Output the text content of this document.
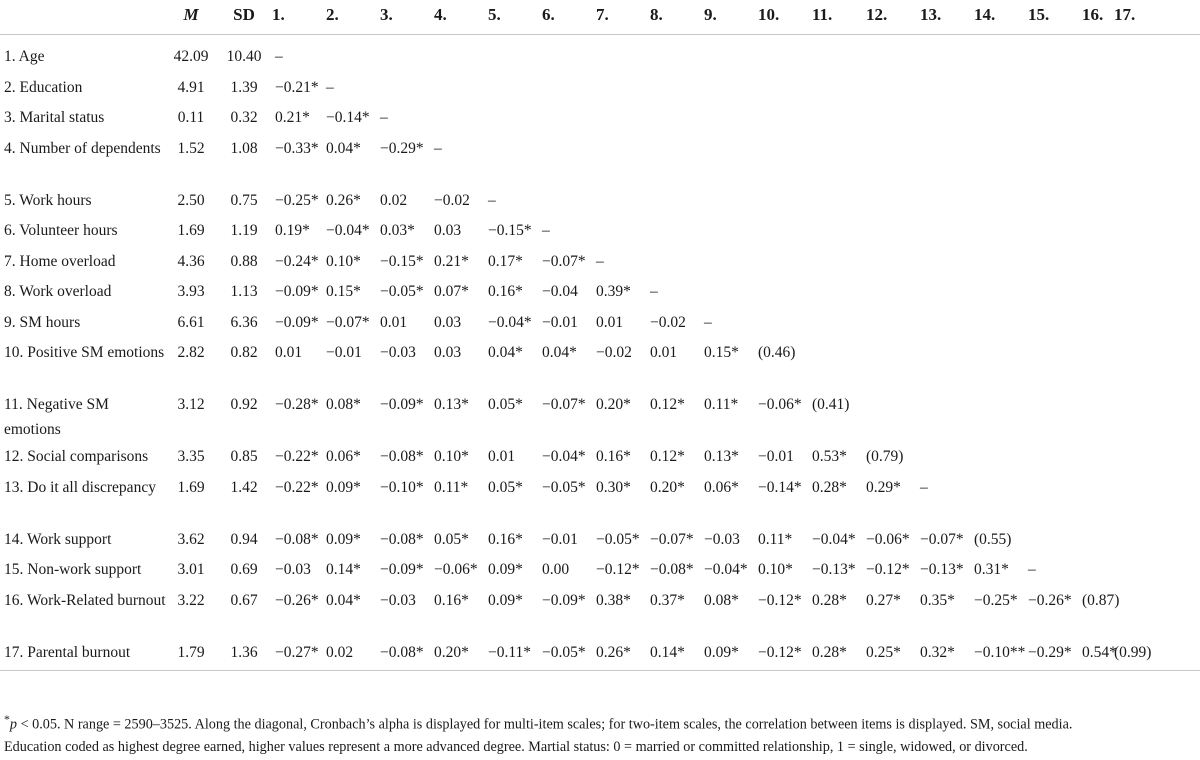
	M	SD	1.	2.	3.	4.	5.	6.	7.	8.	9.	10.	11.	12.	13.	14.	15.	16.	17.

1. Age	42.09	10.40	–																
2. Education	4.91	1.39	−0.21*	–															
3. Marital status	0.11	0.32	0.21*	−0.14*	–														
4. Number of dependents	1.52	1.08	−0.33*	0.04*	−0.29*	–													
5. Work hours	2.50	0.75	−0.25*	0.26*	0.02	−0.02	–												
6. Volunteer hours	1.69	1.19	0.19*	−0.04*	0.03*	0.03	−0.15*	–											
7. Home overload	4.36	0.88	−0.24*	0.10*	−0.15*	0.21*	0.17*	−0.07*	–										
8. Work overload	3.93	1.13	−0.09*	0.15*	−0.05*	0.07*	0.16*	−0.04	0.39*	–									
9. SM hours	6.61	6.36	−0.09*	−0.07*	0.01	0.03	−0.04*	−0.01	0.01	−0.02	–								
10. Positive SM emotions	2.82	0.82	0.01	−0.01	−0.03	0.03	0.04*	0.04*	−0.02	0.01	0.15*	(0.46)							
11. Negative SM emotions	3.12	0.92	−0.28*	0.08*	−0.09*	0.13*	0.05*	−0.07*	0.20*	0.12*	0.11*	−0.06*	(0.41)						
12. Social comparisons	3.35	0.85	−0.22*	0.06*	−0.08*	0.10*	0.01	−0.04*	0.16*	0.12*	0.13*	−0.01	0.53*	(0.79)					
13. Do it all discrepancy	1.69	1.42	−0.22*	0.09*	−0.10*	0.11*	0.05*	−0.05*	0.30*	0.20*	0.06*	−0.14*	0.28*	0.29*	–				
14. Work support	3.62	0.94	−0.08*	0.09*	−0.08*	0.05*	0.16*	−0.01	−0.05*	−0.07*	−0.03	0.11*	−0.04*	−0.06*	−0.07*	(0.55)			
15. Non-work support	3.01	0.69	−0.03	0.14*	−0.09*	−0.06*	0.09*	0.00	−0.12*	−0.08*	−0.04*	0.10*	−0.13*	−0.12*	−0.13*	0.31*	–		
16. Work-Related burnout	3.22	0.67	−0.26*	0.04*	−0.03	0.16*	0.09*	−0.09*	0.38*	0.37*	0.08*	−0.12*	0.28*	0.27*	0.35*	−0.25*	−0.26*	(0.87)	
17. Parental burnout	1.79	1.36	−0.27*	0.02	−0.08*	0.20*	−0.11*	−0.05*	0.26*	0.14*	0.09*	−0.12*	0.28*	0.25*	0.32*	−0.10**	−0.29*	0.54*	(0.99)
*p < 0.05. N range = 2590–3525. Along the diagonal, Cronbach’s alpha is displayed for multi-item scales; for two-item scales, the correlation between items is displayed. SM, social media.
Education coded as highest degree earned, higher values represent a more advanced degree. Martial status: 0 = married or committed relationship, 1 = single, widowed, or divorced.
